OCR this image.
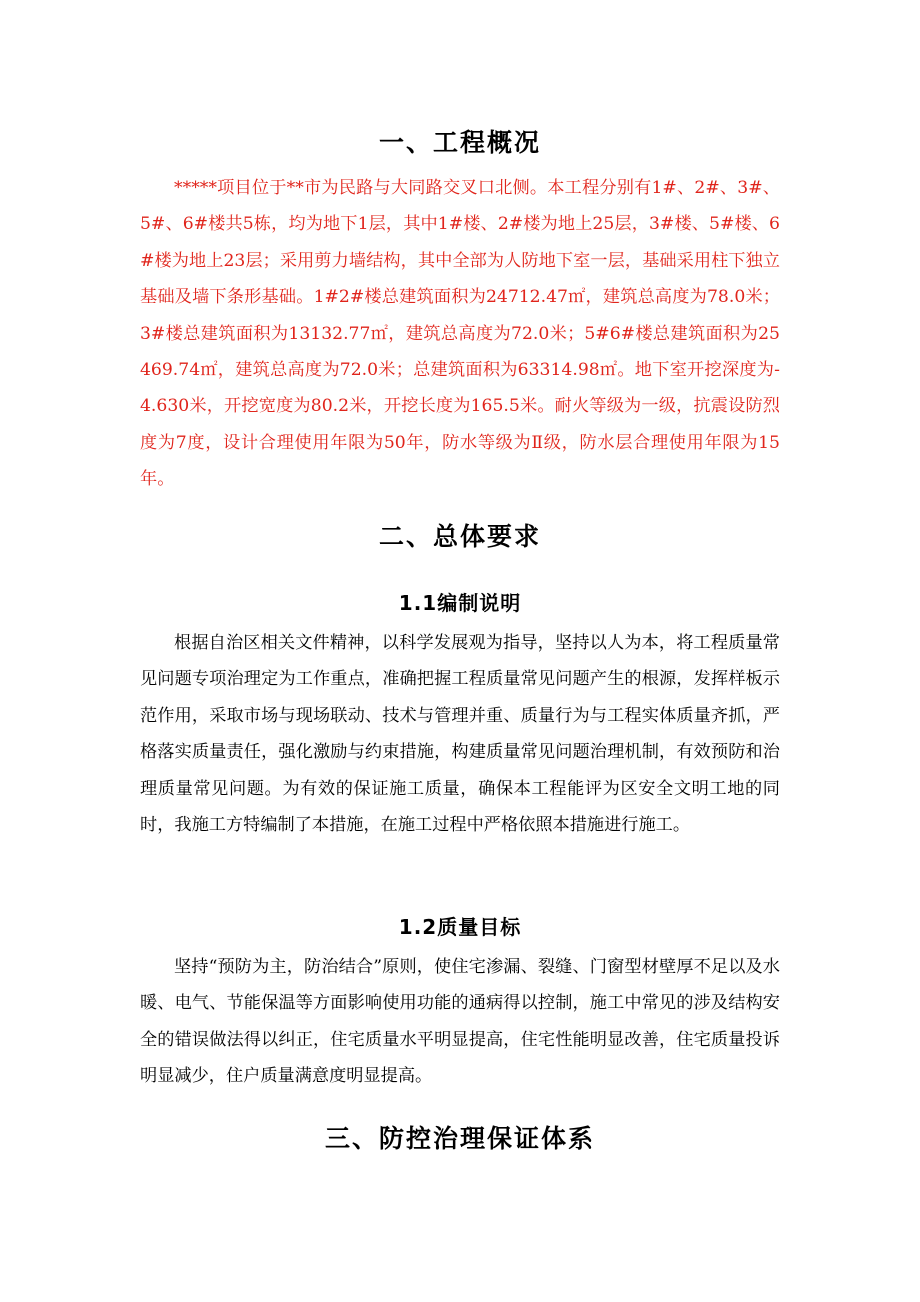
一、工程概况

*****项目位于**市为民路与大同路交叉口北侧。本工程分别有1#、2#、3#、5#、6#楼共5栋，均为地下1层，其中1#楼、2#楼为地上25层，3#楼、5#楼、6#楼为地上23层；采用剪力墙结构，其中全部为人防地下室一层，基础采用柱下独立基础及墙下条形基础。1#2#楼总建筑面积为24712.47㎡，建筑总高度为78.0米；3#楼总建筑面积为13132.77㎡，建筑总高度为72.0米；5#6#楼总建筑面积为25469.74㎡，建筑总高度为72.0米；总建筑面积为63314.98㎡。地下室开挖深度为-4.630米，开挖宽度为80.2米，开挖长度为165.5米。耐火等级为一级，抗震设防烈度为7度，设计合理使用年限为50年，防水等级为Ⅱ级，防水层合理使用年限为15年。

二、总体要求
1.1编制说明

根据自治区相关文件精神，以科学发展观为指导，坚持以人为本，将工程质量常见问题专项治理定为工作重点，准确把握工程质量常见问题产生的根源，发挥样板示范作用，采取市场与现场联动、技术与管理并重、质量行为与工程实体质量齐抓，严格落实质量责任，强化激励与约束措施，构建质量常见问题治理机制，有效预防和治理质量常见问题。为有效的保证施工质量，确保本工程能评为区安全文明工地的同时，我施工方特编制了本措施，在施工过程中严格依照本措施进行施工。

1.2质量目标

坚持“预防为主，防治结合”原则，使住宅渗漏、裂缝、门窗型材壁厚不足以及水暖、电气、节能保温等方面影响使用功能的通病得以控制，施工中常见的涉及结构安全的错误做法得以纠正，住宅质量水平明显提高，住宅性能明显改善，住宅质量投诉明显减少，住户质量满意度明显提高。

三、防控治理保证体系
